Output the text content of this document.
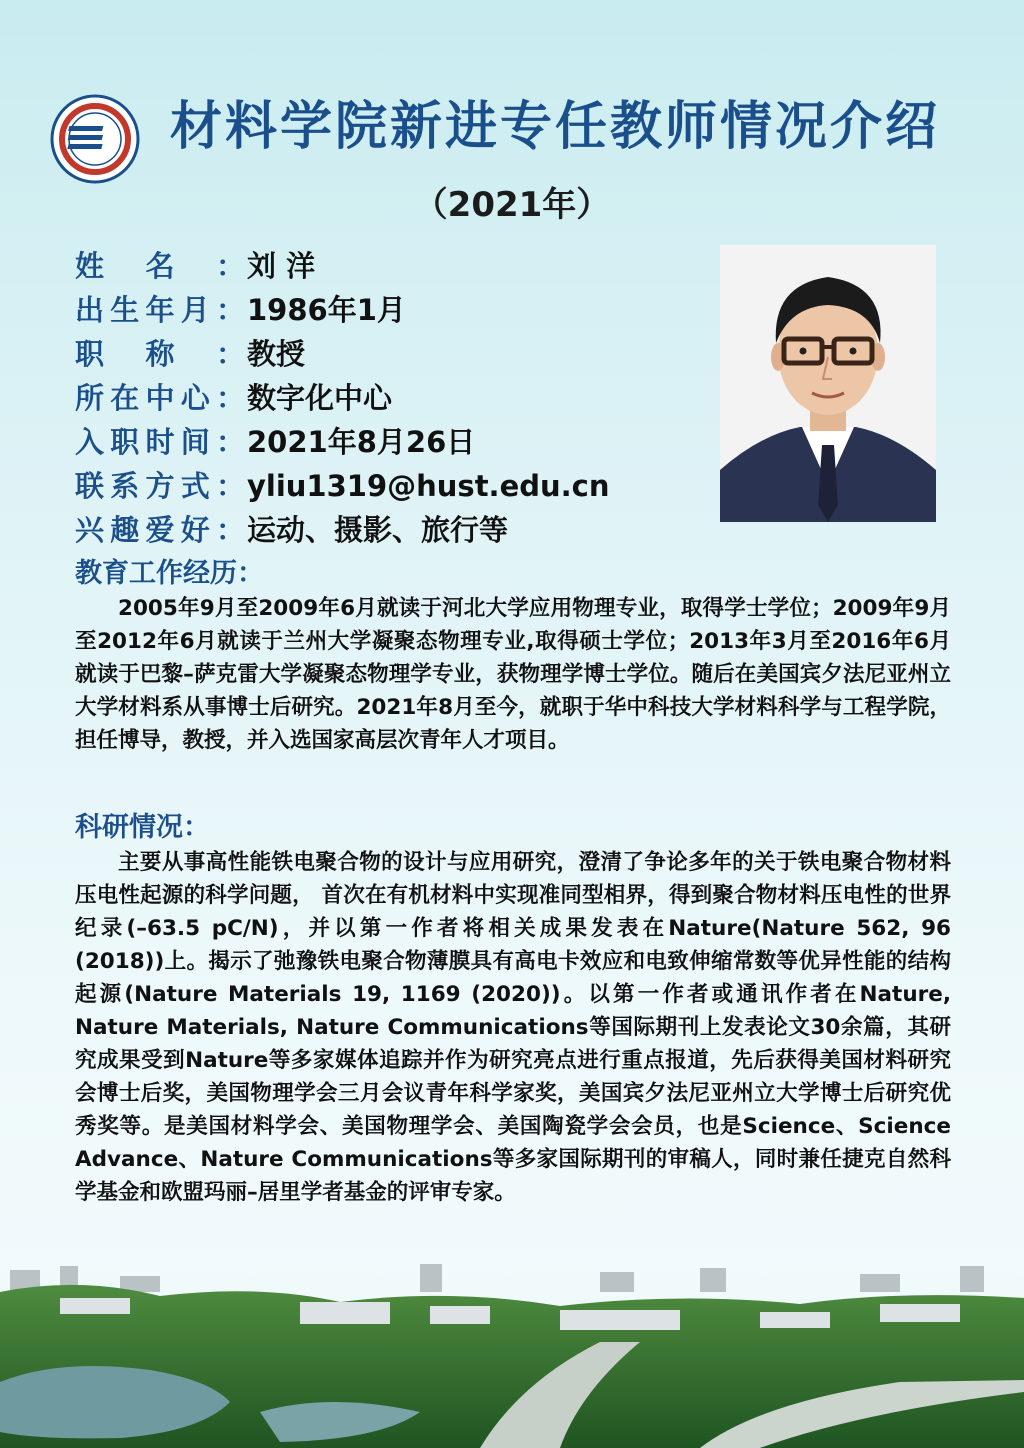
材料学院新进专任教师情况介绍
（2021年）
姓名：刘 洋
出生年月：1986年1月
职称：教授
所在中心：数字化中心
入职时间：2021年8月26日
联系方式：yliu1319@hust.edu.cn
兴趣爱好：运动、摄影、旅行等
教育工作经历：
2005年9月至2009年6月就读于河北大学应用物理专业，取得学士学位；2009年9月至2012年6月就读于兰州大学凝聚态物理专业,取得硕士学位；2013年3月至2016年6月就读于巴黎–萨克雷大学凝聚态物理学专业，获物理学博士学位。随后在美国宾夕法尼亚州立大学材料系从事博士后研究。2021年8月至今，就职于华中科技大学材料科学与工程学院，担任博导，教授，并入选国家高层次青年人才项目。
科研情况：
主要从事高性能铁电聚合物的设计与应用研究，澄清了争论多年的关于铁电聚合物材料压电性起源的科学问题， 首次在有机材料中实现准同型相界，得到聚合物材料压电性的世界纪录(–63.5 pC/N)，并以第一作者将相关成果发表在Nature(Nature 562, 96 (2018))上。揭示了弛豫铁电聚合物薄膜具有高电卡效应和电致伸缩常数等优异性能的结构起源(Nature Materials 19, 1169 (2020))。以第一作者或通讯作者在Nature, Nature Materials, Nature Communications等国际期刊上发表论文30余篇，其研究成果受到Nature等多家媒体追踪并作为研究亮点进行重点报道，先后获得美国材料研究会博士后奖，美国物理学会三月会议青年科学家奖，美国宾夕法尼亚州立大学博士后研究优秀奖等。是美国材料学会、美国物理学会、美国陶瓷学会会员，也是Science、Science Advance、Nature Communications等多家国际期刊的审稿人，同时兼任捷克自然科学基金和欧盟玛丽–居里学者基金的评审专家。
